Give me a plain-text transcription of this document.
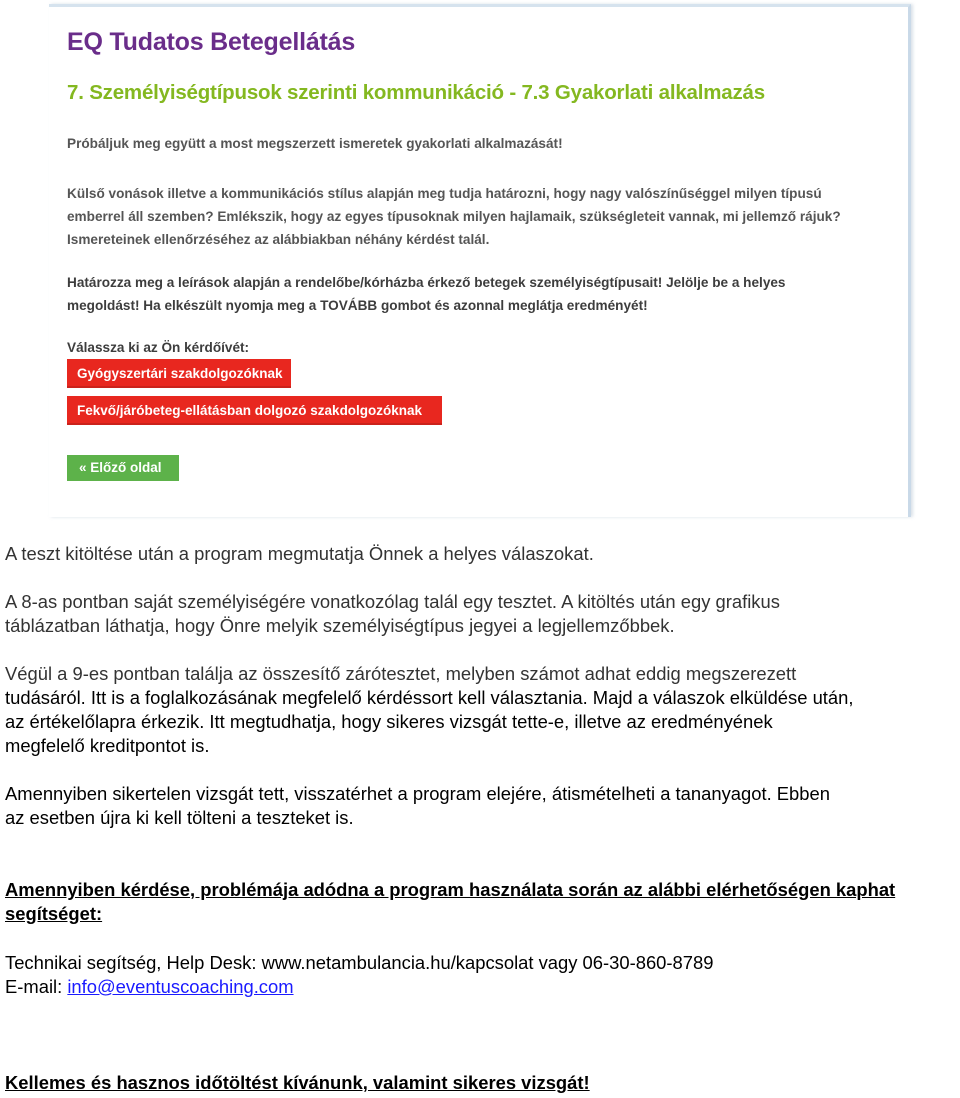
EQ Tudatos Betegellátás
7. Személyiségtípusok szerinti kommunikáció - 7.3 Gyakorlati alkalmazás
Próbáljuk meg együtt a most megszerzett ismeretek gyakorlati alkalmazását!
Külső vonások illetve a kommunikációs stílus alapján meg tudja határozni, hogy nagy valószínűséggel milyen típusú
emberrel áll szemben? Emlékszik, hogy az egyes típusoknak milyen hajlamaik, szükségleteit vannak, mi jellemző rájuk?
Ismereteinek ellenőrzéséhez az alábbiakban néhány kérdést talál.
Határozza meg a leírások alapján a rendelőbe/kórházba érkező betegek személyiségtípusait! Jelölje be a helyes
megoldást! Ha elkészült nyomja meg a TOVÁBB gombot és azonnal meglátja eredményét!
Válassza ki az Ön kérdőívét:
Gyógyszertári szakdolgozóknak
Fekvő/járóbeteg-ellátásban dolgozó szakdolgozóknak
« Előző oldal

A teszt kitöltése után a program megmutatja Önnek a helyes válaszokat.

A 8-as pontban saját személyiségére vonatkozólag talál egy tesztet. A kitöltés után egy grafikus

táblázatban láthatja, hogy Önre melyik személyiségtípus jegyei a legjellemzőbbek.

Végül a 9-es pontban találja az összesítő zárótesztet, melyben számot adhat eddig megszerezett

tudásáról. Itt is a foglalkozásának megfelelő kérdéssort kell választania. Majd a válaszok elküldése után,

az értékelőlapra érkezik. Itt megtudhatja, hogy sikeres vizsgát tette-e, illetve az eredményének

megfelelő kreditpontot is.

Amennyiben sikertelen vizsgát tett, visszatérhet a program elejére, átismételheti a tananyagot. Ebben

az esetben újra ki kell tölteni a teszteket is.

Amennyiben kérdése, problémája adódna a program használata során az alábbi elérhetőségen kaphat

segítséget:

Technikai segítség, Help Desk: www.netambulancia.hu/kapcsolat vagy 06-30-860-8789

E-mail: info@eventuscoaching.com

Kellemes és hasznos időtöltést kívánunk, valamint sikeres vizsgát!
